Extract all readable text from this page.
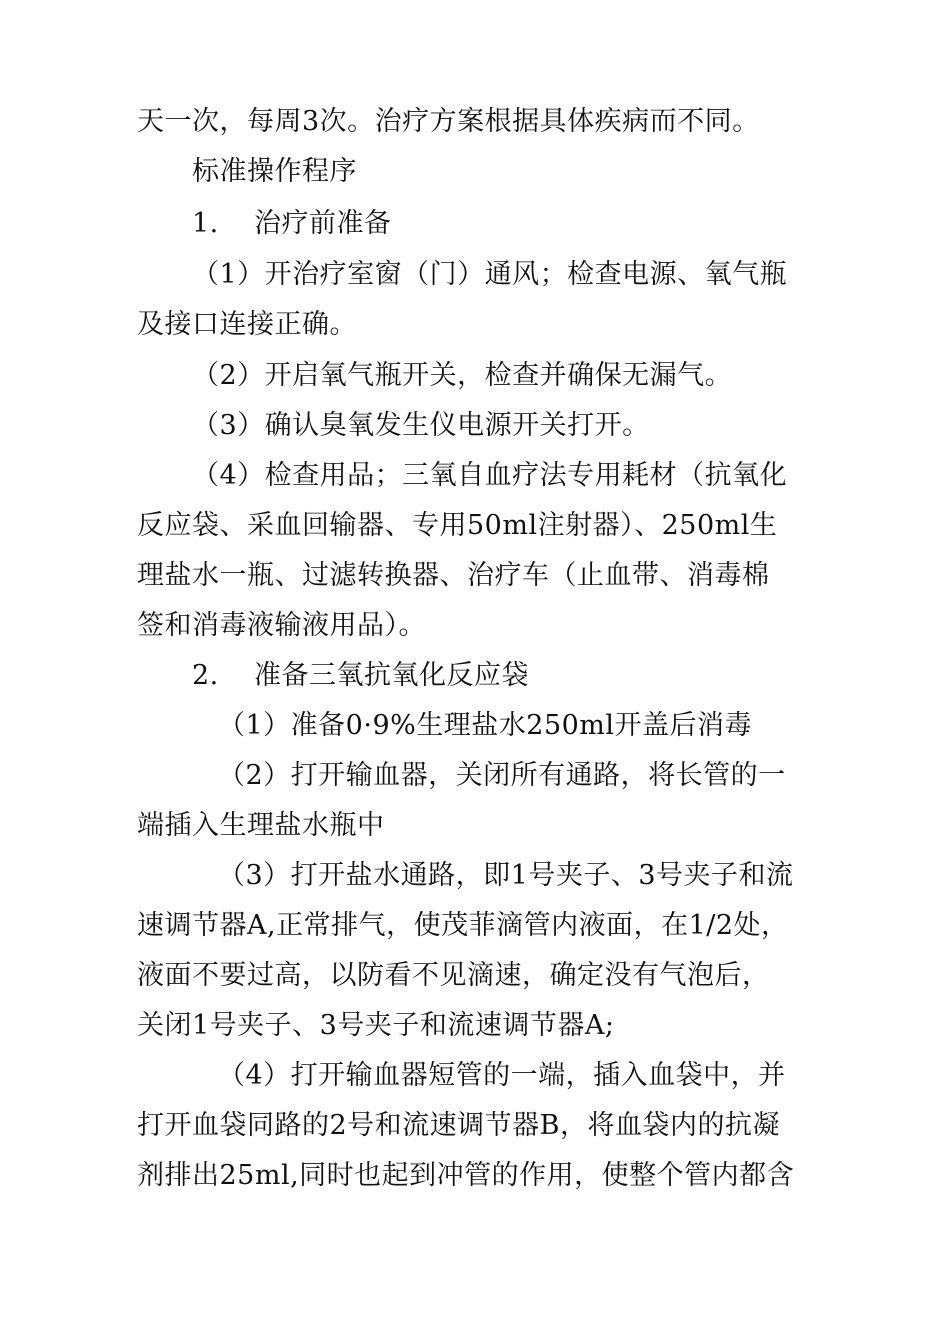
天一次，每周3次。治疗方案根据具体疾病而不同。
标准操作程序
1. 治疗前准备
（1）开治疗室窗（门）通风；检查电源、氧气瓶
及接口连接正确。
（2）开启氧气瓶开关，检查并确保无漏气。
（3）确认臭氧发生仪电源开关打开。
（4）检查用品；三氧自血疗法专用耗材（抗氧化
反应袋、采血回输器、专用50ml注射器）、250ml生
理盐水一瓶、过滤转换器、治疗车（止血带、消毒棉
签和消毒液输液用品）。
2. 准备三氧抗氧化反应袋
（1）准备0·9%生理盐水250ml开盖后消毒
（2）打开输血器，关闭所有通路，将长管的一
端插入生理盐水瓶中
（3）打开盐水通路，即1号夹子、3号夹子和流
速调节器A,正常排气，使茂菲滴管内液面，在1/2处，
液面不要过高，以防看不见滴速，确定没有气泡后，
关闭1号夹子、3号夹子和流速调节器A;
（4）打开输血器短管的一端，插入血袋中，并
打开血袋同路的2号和流速调节器B，将血袋内的抗凝
剂排出25ml,同时也起到冲管的作用，使整个管内都含
